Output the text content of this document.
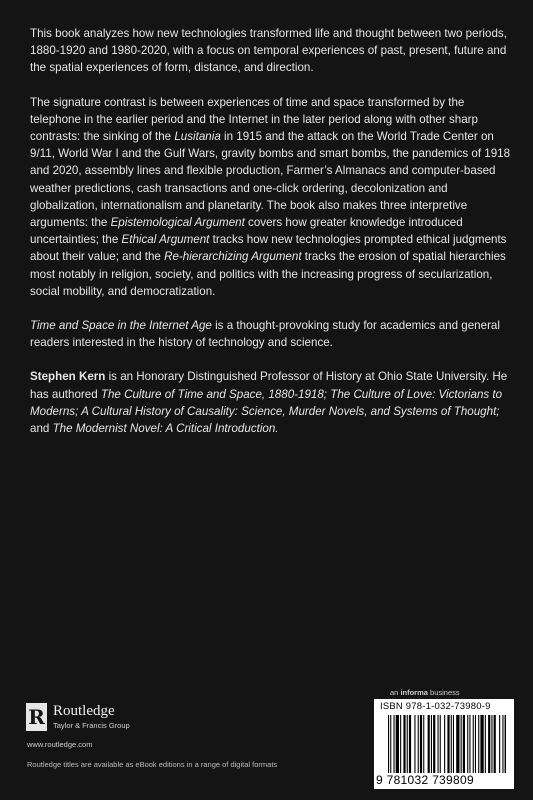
This book analyzes how new technologies transformed life and thought between two periods, 1880-1920 and 1980-2020, with a focus on temporal experiences of past, present, future and the spatial experiences of form, distance, and direction.

The signature contrast is between experiences of time and space transformed by the telephone in the earlier period and the Internet in the later period along with other sharp contrasts: the sinking of the Lusitania in 1915 and the attack on the World Trade Center on 9/11, World War I and the Gulf Wars, gravity bombs and smart bombs, the pandemics of 1918 and 2020, assembly lines and flexible production, Farmer’s Almanacs and computer-based weather predictions, cash transactions and one-click ordering, decolonization and globalization, internationalism and planetarity. The book also makes three interpretive arguments: the Epistemological Argument covers how greater knowledge introduced uncertainties; the Ethical Argument tracks how new technologies prompted ethical judgments about their value; and the Re-hierarchizing Argument tracks the erosion of spatial hierarchies most notably in religion, society, and politics with the increasing progress of secularization, social mobility, and democratization.

Time and Space in the Internet Age is a thought-provoking study for academics and general readers interested in the history of technology and science.

Stephen Kern is an Honorary Distinguished Professor of History at Ohio State University. He has authored The Culture of Time and Space, 1880-1918; The Culture of Love: Victorians to Moderns; A Cultural History of Causality: Science, Murder Novels, and Systems of Thought; and The Modernist Novel: A Critical Introduction.

an informa business
R Routledge
Taylor & Francis Group
www.routledge.com
Routledge titles are available as eBook editions in a range of digital formats
ISBN 978-1-032-73980-9
9 781032 739809
